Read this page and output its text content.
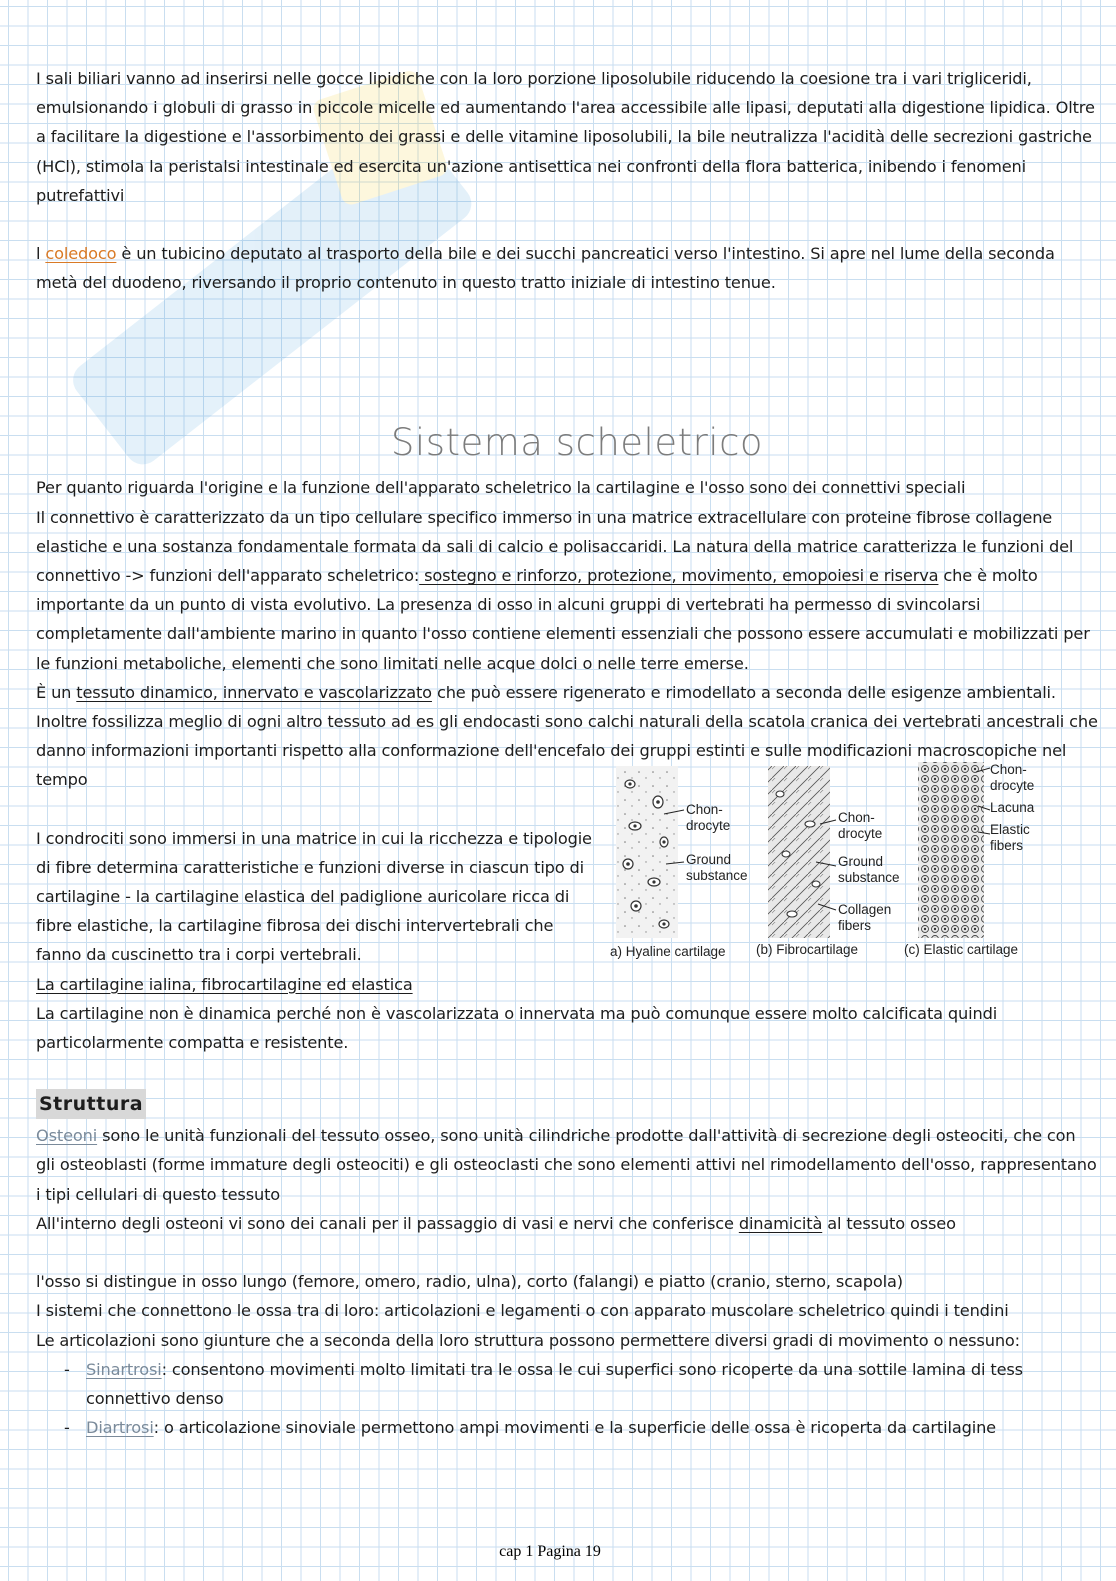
I sali biliari vanno ad inserirsi nelle gocce lipidiche con la loro porzione liposolubile riducendo la coesione tra i vari trigliceridi, emulsionando i globuli di grasso in piccole micelle ed aumentando l'area accessibile alle lipasi, deputati alla digestione lipidica. Oltre a facilitare la digestione e l'assorbimento dei grassi e delle vitamine liposolubili, la bile neutralizza l'acidità delle secrezioni gastriche (HCl), stimola la peristalsi intestinale ed esercita un'azione antisettica nei confronti della flora batterica, inibendo i fenomeni putrefattivi

l coledoco è un tubicino deputato al trasporto della bile e dei succhi pancreatici verso l'intestino. Si apre nel lume della seconda metà del duodeno, riversando il proprio contenuto in questo tratto iniziale di intestino tenue.

Sistema scheletrico

Per quanto riguarda l'origine e la funzione dell'apparato scheletrico la cartilagine e l'osso sono dei connettivi speciali

Il connettivo è caratterizzato da un tipo cellulare specifico immerso in una matrice extracellulare con proteine fibrose collagene elastiche e una sostanza fondamentale formata da sali di calcio e polisaccaridi. La natura della matrice caratterizza le funzioni del connettivo -> funzioni dell'apparato scheletrico: sostegno e rinforzo, protezione, movimento, emopoiesi e riserva che è molto importante da un punto di vista evolutivo. La presenza di osso in alcuni gruppi di vertebrati ha permesso di svincolarsi completamente dall'ambiente marino in quanto l'osso contiene elementi essenziali che possono essere accumulati e mobilizzati per le funzioni metaboliche, elementi che sono limitati nelle acque dolci o nelle terre emerse.

È un tessuto dinamico, innervato e vascolarizzato che può essere rigenerato e rimodellato a seconda delle esigenze ambientali.

Inoltre fossilizza meglio di ogni altro tessuto ad es gli endocasti sono calchi naturali della scatola cranica dei vertebrati ancestrali che danno informazioni importanti rispetto alla conformazione dell'encefalo dei gruppi estinti e sulle modificazioni macroscopiche nel tempo

I condrociti sono immersi in una matrice in cui la ricchezza e tipologie di fibre determina caratteristiche e funzioni diverse in ciascun tipo di cartilagine - la cartilagine elastica del padiglione auricolare ricca di fibre elastiche, la cartilagine fibrosa dei dischi intervertebrali che fanno da cuscinetto tra i corpi vertebrali.

La cartilagine ialina, fibrocartilagine ed elastica

La cartilagine non è dinamica perché non è vascolarizzata o innervata ma può comunque essere molto calcificata quindi particolarmente compatta e resistente.

Struttura

Osteoni sono le unità funzionali del tessuto osseo, sono unità cilindriche prodotte dall'attività di secrezione degli osteociti, che con gli osteoblasti (forme immature degli osteociti) e gli osteoclasti che sono elementi attivi nel rimodellamento dell'osso, rappresentano i tipi cellulari di questo tessuto

All'interno degli osteoni vi sono dei canali per il passaggio di vasi e nervi che conferisce dinamicità al tessuto osseo

l'osso si distingue in osso lungo (femore, omero, radio, ulna), corto (falangi) e piatto (cranio, sterno, scapola)

I sistemi che connettono le ossa tra di loro: articolazioni e legamenti o con apparato muscolare scheletrico quindi i tendini

Le articolazioni sono giunture che a seconda della loro struttura possono permettere diversi gradi di movimento o nessuno:

- Sinartrosi: consentono movimenti molto limitati tra le ossa le cui superfici sono ricoperte da una sottile lamina di tess connettivo denso
- Diartrosi: o articolazione sinoviale permettono ampi movimenti e la superficie delle ossa è ricoperta da cartilagine
Chon-
drocyte
Ground
substance
Chon-
drocyte
Ground
substance
Collagen
fibers
Chon-
drocyte
Lacuna
Elastic
fibers
a) Hyaline cartilage (b) Fibrocartilage	(c) Elastic cartilage
cap 1 Pagina 19
